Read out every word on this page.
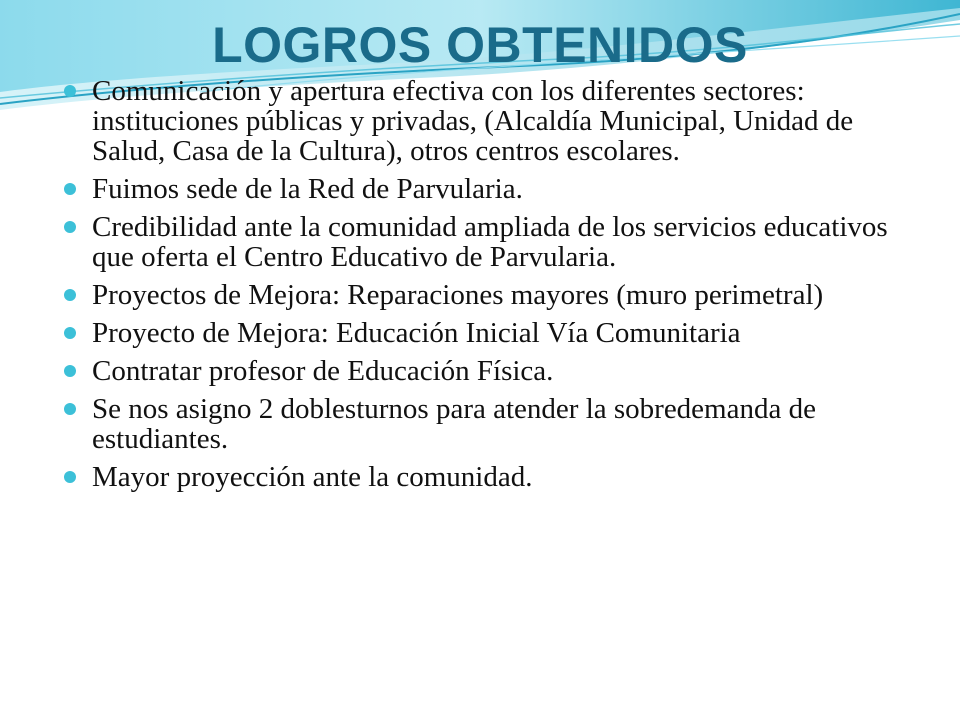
LOGROS OBTENIDOS
Comunicación y apertura efectiva con los diferentes sectores: instituciones públicas y privadas, (Alcaldía Municipal, Unidad de Salud, Casa de la Cultura), otros centros escolares.
Fuimos sede de la Red de Parvularia.
Credibilidad ante la comunidad ampliada de los servicios educativos que oferta el Centro Educativo de Parvularia.
Proyectos de Mejora: Reparaciones mayores (muro perimetral)
Proyecto de Mejora: Educación Inicial Vía Comunitaria
Contratar profesor de Educación Física.
Se nos asigno 2 doblesturnos para atender la sobredemanda de estudiantes.
Mayor proyección ante la comunidad.
